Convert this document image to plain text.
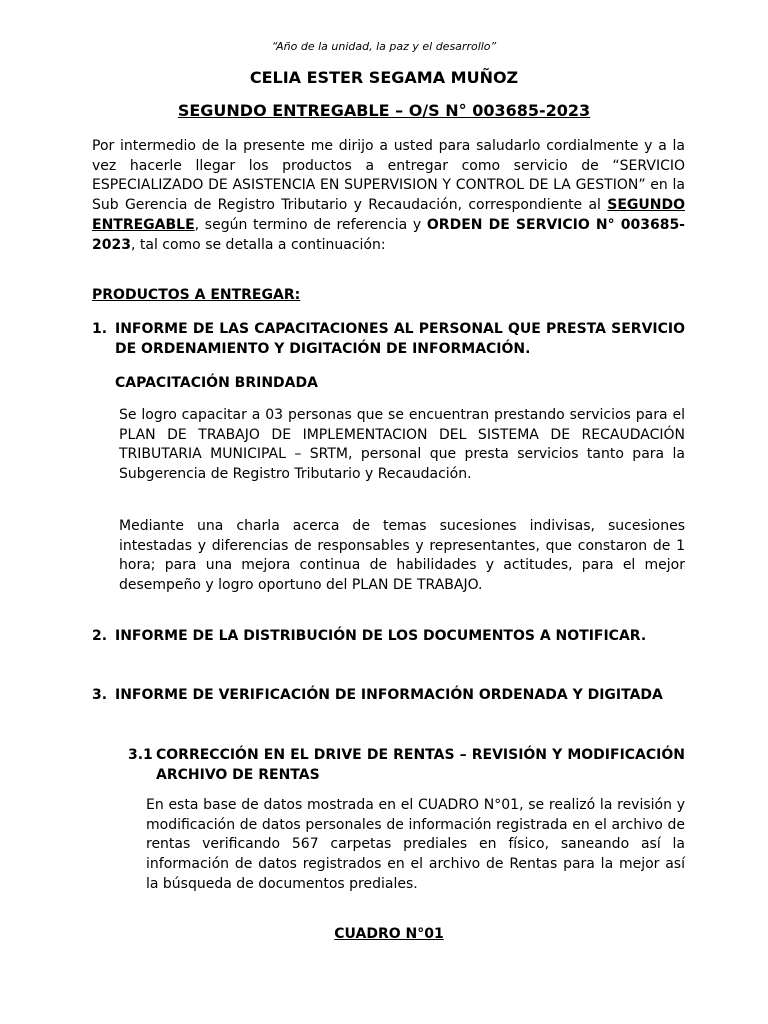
“Año de la unidad, la paz y el desarrollo”
CELIA ESTER SEGAMA MUÑOZ
SEGUNDO ENTREGABLE – O/S N° 003685-2023
Por intermedio de la presente me dirijo a usted para saludarlo cordialmente y a la vez hacerle llegar los productos a entregar como servicio de “SERVICIO ESPECIALIZADO DE ASISTENCIA EN SUPERVISION Y CONTROL DE LA GESTION” en la Sub Gerencia de Registro Tributario y Recaudación, correspondiente al SEGUNDO ENTREGABLE, según termino de referencia y ORDEN DE SERVICIO N° 003685-2023, tal como se detalla a continuación:
PRODUCTOS A ENTREGAR:
1. INFORME DE LAS CAPACITACIONES AL PERSONAL QUE PRESTA SERVICIO DE ORDENAMIENTO Y DIGITACIÓN DE INFORMACIÓN.
CAPACITACIÓN BRINDADA
Se logro capacitar a 03 personas que se encuentran prestando servicios para el PLAN DE TRABAJO DE IMPLEMENTACION DEL SISTEMA DE RECAUDACIÓN TRIBUTARIA MUNICIPAL – SRTM, personal que presta servicios tanto para la Subgerencia de Registro Tributario y Recaudación.
Mediante una charla acerca de temas sucesiones indivisas, sucesiones intestadas y diferencias de responsables y representantes, que constaron de 1 hora; para una mejora continua de habilidades y actitudes, para el mejor desempeño y logro oportuno del PLAN DE TRABAJO.
2. INFORME DE LA DISTRIBUCIÓN DE LOS DOCUMENTOS A NOTIFICAR.
3. INFORME DE VERIFICACIÓN DE INFORMACIÓN ORDENADA Y DIGITADA
3.1 CORRECCIÓN EN EL DRIVE DE RENTAS – REVISIÓN Y MODIFICACIÓN ARCHIVO DE RENTAS
En esta base de datos mostrada en el CUADRO N°01, se realizó la revisión y modificación de datos personales de información registrada en el archivo de rentas verificando 567 carpetas prediales en físico, saneando así la información de datos registrados en el archivo de Rentas para la mejor así la búsqueda de documentos prediales.
CUADRO N°01
